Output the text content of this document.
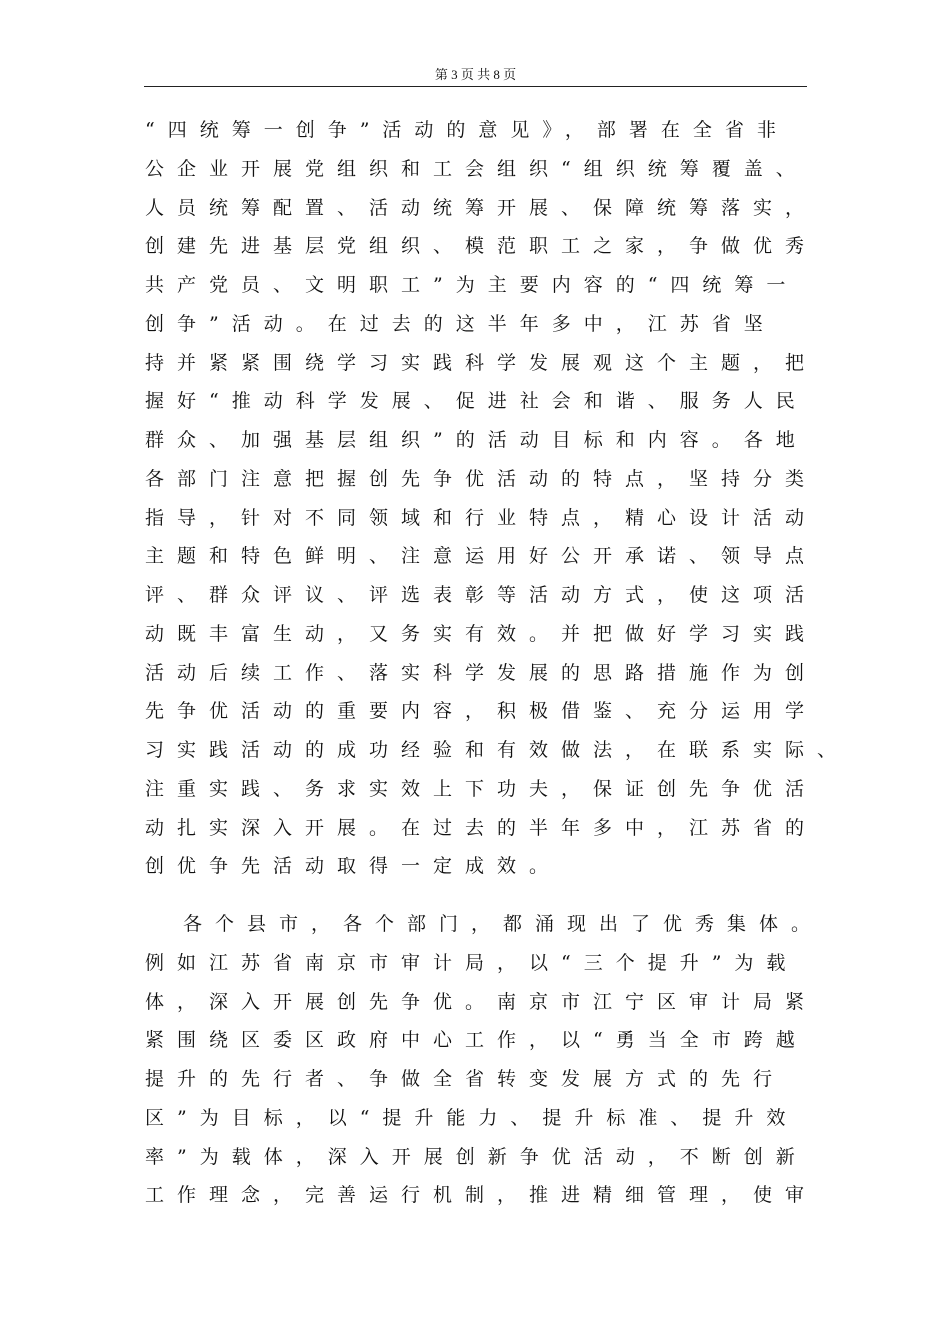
第 3 页 共 8 页
“四统筹一创争”活动的意见》，部署在全省非
公企业开展党组织和工会组织“组织统筹覆盖、
人员统筹配置、活动统筹开展、保障统筹落实，
创建先进基层党组织、模范职工之家，争做优秀
共产党员、文明职工”为主要内容的“四统筹一
创争”活动。在过去的这半年多中，江苏省坚
持并紧紧围绕学习实践科学发展观这个主题，把
握好“推动科学发展、促进社会和谐、服务人民
群众、加强基层组织”的活动目标和内容。各地
各部门注意把握创先争优活动的特点，坚持分类
指导，针对不同领域和行业特点，精心设计活动
主题和特色鲜明、注意运用好公开承诺、领导点
评、群众评议、评选表彰等活动方式，使这项活
动既丰富生动，又务实有效。并把做好学习实践
活动后续工作、落实科学发展的思路措施作为创
先争优活动的重要内容，积极借鉴、充分运用学
习实践活动的成功经验和有效做法，在联系实际、
注重实践、务求实效上下功夫，保证创先争优活
动扎实深入开展。在过去的半年多中，江苏省的
创优争先活动取得一定成效。
各个县市，各个部门，都涌现出了优秀集体。
例如江苏省南京市审计局，以“三个提升”为载
体，深入开展创先争优。南京市江宁区审计局紧
紧围绕区委区政府中心工作，以“勇当全市跨越
提升的先行者、争做全省转变发展方式的先行
区”为目标，以“提升能力、提升标准、提升效
率”为载体，深入开展创新争优活动，不断创新
工作理念，完善运行机制，推进精细管理，使审
